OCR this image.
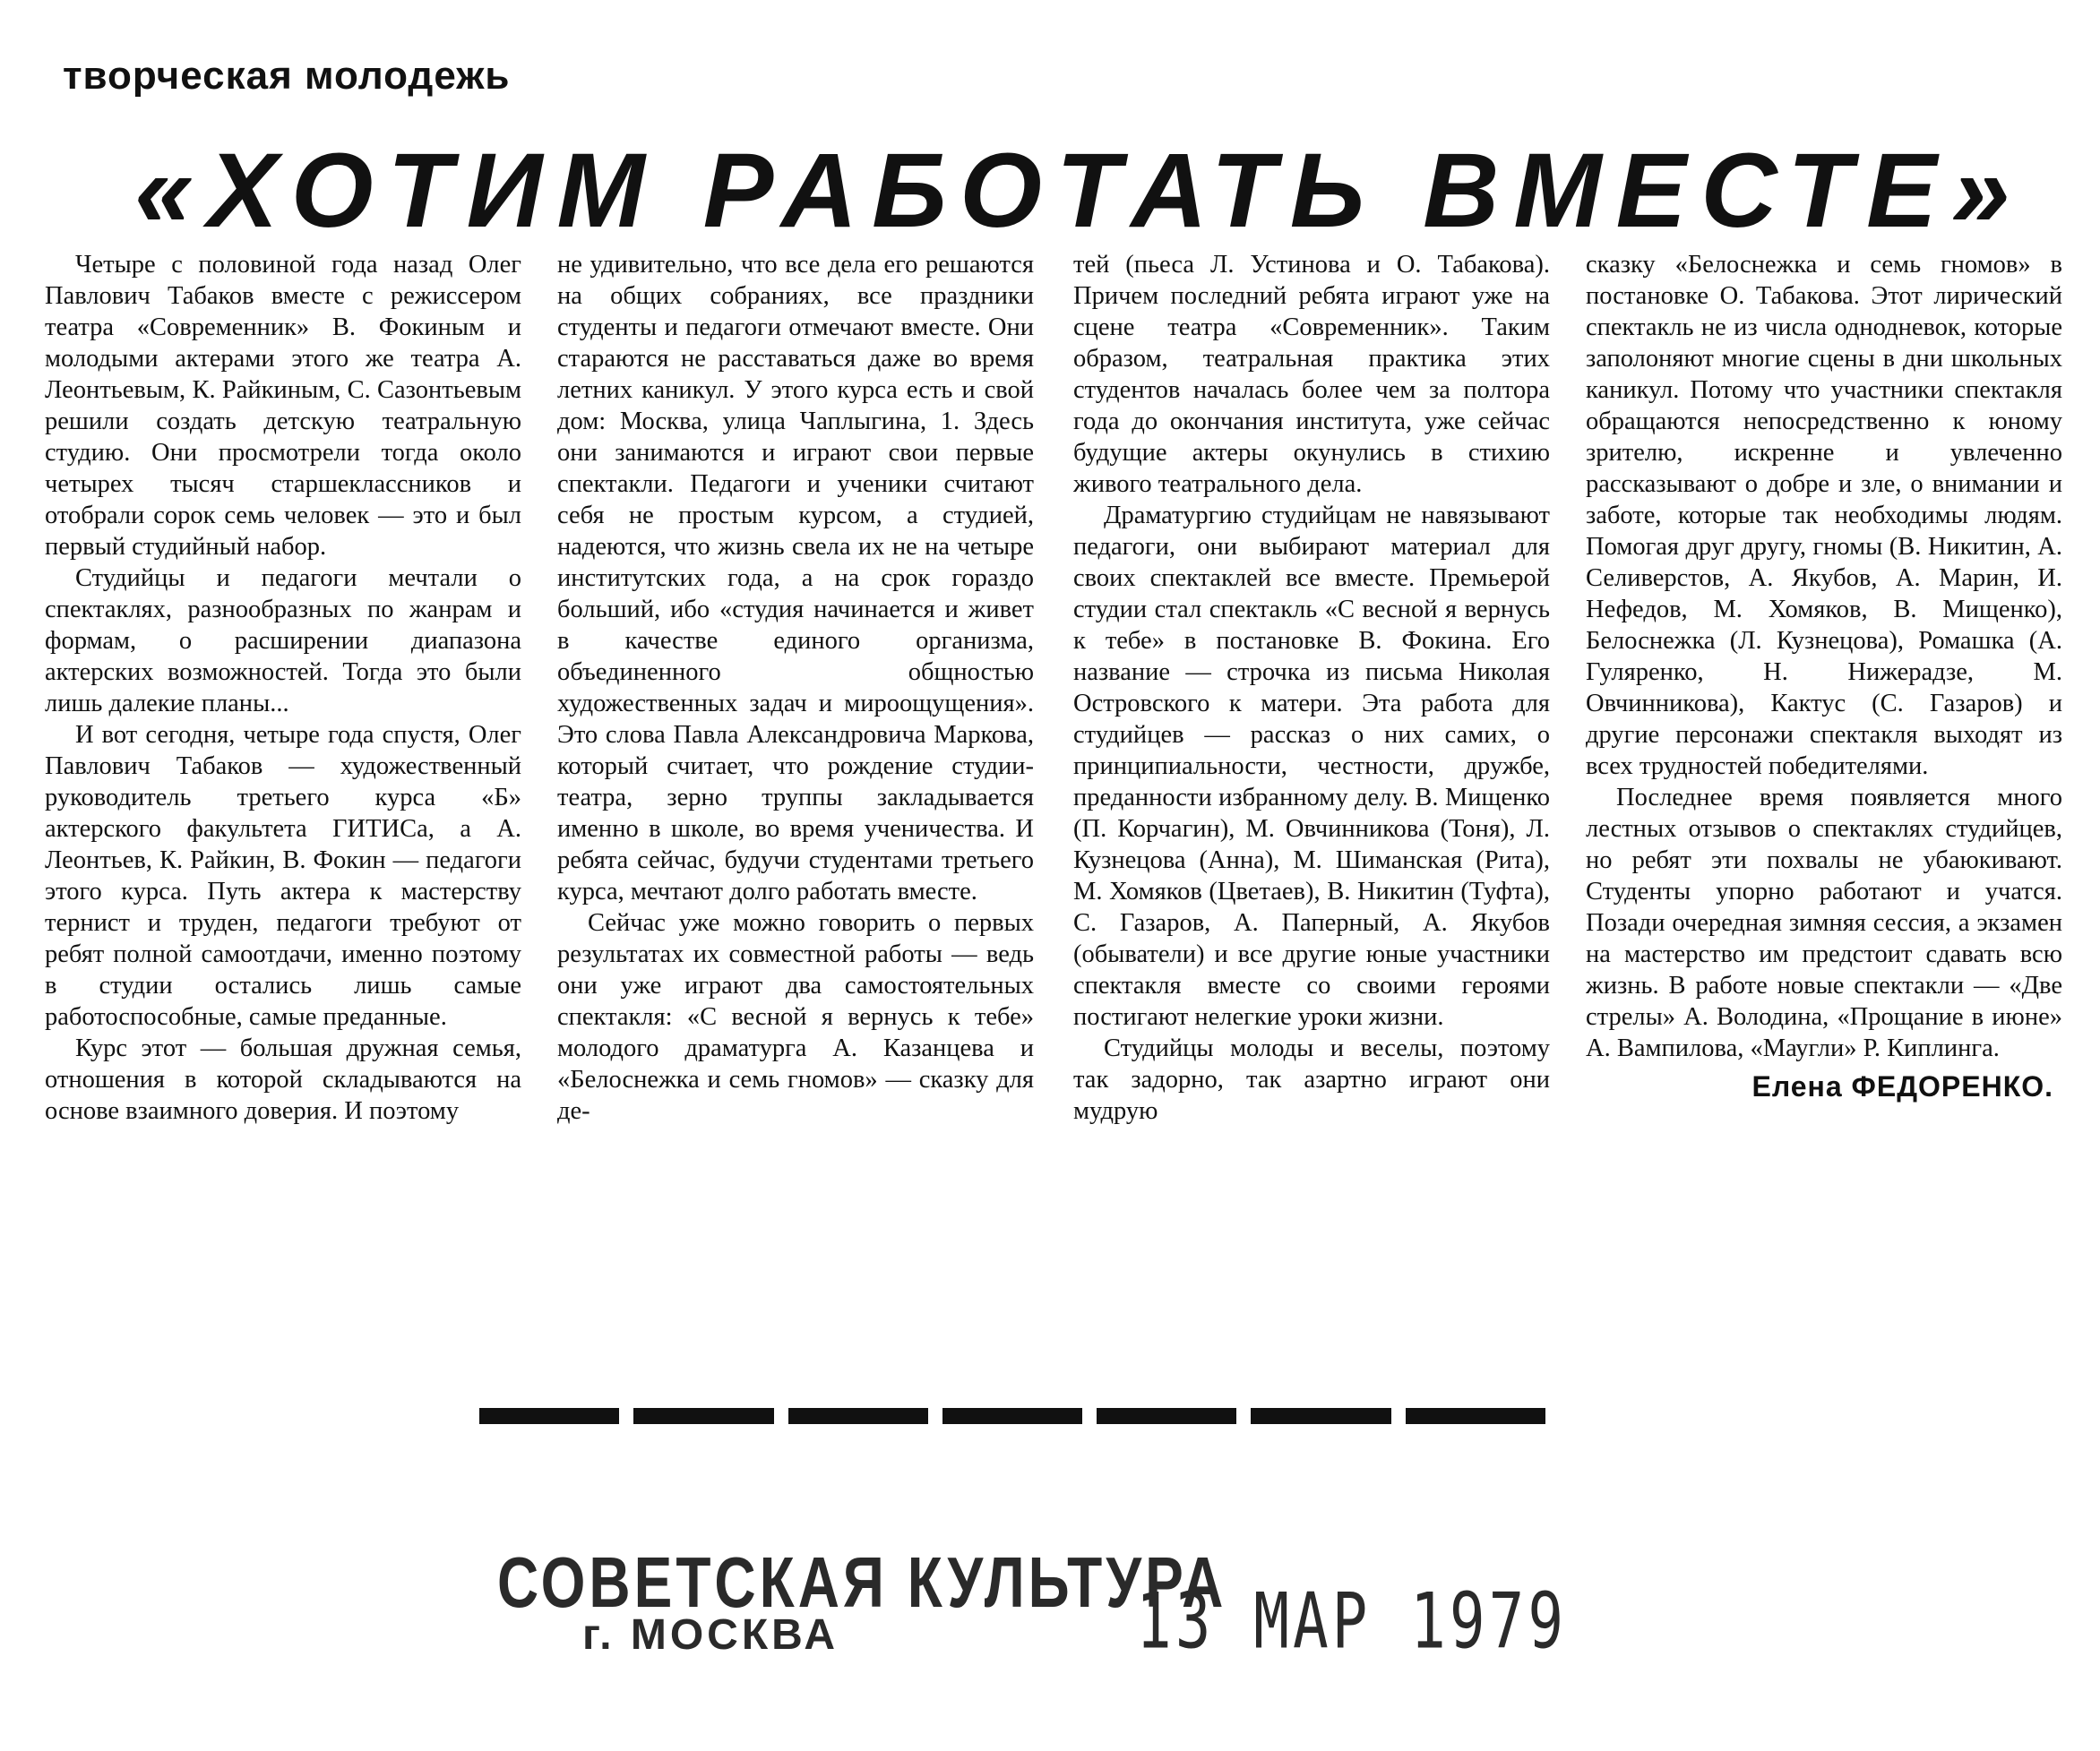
творческая молодежь
«ХОТИМ РАБОТАТЬ ВМЕСТЕ»

Четыре с половиной года назад Олег Павлович Табаков вместе с режиссером театра «Современник» В. Фокиным и молодыми актерами этого же театра А. Леонтьевым, К. Райкиным, С. Сазонтьевым решили создать детскую театральную студию. Они просмотрели тогда около четырех тысяч старшеклассников и отобрали сорок семь человек — это и был первый студийный набор.

Студийцы и педагоги мечтали о спектаклях, разнообразных по жанрам и формам, о расширении диапазона актерских возможностей. Тогда это были лишь далекие планы...

И вот сегодня, четыре года спустя, Олег Павлович Табаков — художественный руководитель третьего курса «Б» актерского факультета ГИТИСа, а А. Леонтьев, К. Райкин, В. Фокин — педагоги этого курса. Путь актера к мастерству тернист и труден, педагоги требуют от ребят полной самоотдачи, именно поэтому в студии остались лишь самые работоспособные, самые преданные.

Курс этот — большая дружная семья, отношения в которой складываются на основе взаимного доверия. И поэтому

не удивительно, что все дела его решаются на общих собраниях, все праздники студенты и педагоги отмечают вместе. Они стараются не расставаться даже во время летних каникул. У этого курса есть и свой дом: Москва, улица Чаплыгина, 1. Здесь они занимаются и играют свои первые спектакли. Педагоги и ученики считают себя не простым курсом, а студией, надеются, что жизнь свела их не на четыре институтских года, а на срок гораздо больший, ибо «студия начинается и живет в качестве единого организма, объединенного общностью художественных задач и мироощущения». Это слова Павла Александровича Маркова, который считает, что рождение студии-театра, зерно труппы закладывается именно в школе, во время ученичества. И ребята сейчас, будучи студентами третьего курса, мечтают долго работать вместе.

Сейчас уже можно говорить о первых результатах их совместной работы — ведь они уже играют два самостоятельных спектакля: «С весной я вернусь к тебе» молодого драматурга А. Казанцева и «Белоснежка и семь гномов» — сказку для де-

тей (пьеса Л. Устинова и О. Табакова). Причем последний ребята играют уже на сцене театра «Современник». Таким образом, театральная практика этих студентов началась более чем за полтора года до окончания института, уже сейчас будущие актеры окунулись в стихию живого театрального дела.

Драматургию студийцам не навязывают педагоги, они выбирают материал для своих спектаклей все вместе. Премьерой студии стал спектакль «С весной я вернусь к тебе» в постановке В. Фокина. Его название — строчка из письма Николая Островского к матери. Эта работа для студийцев — рассказ о них самих, о принципиальности, честности, дружбе, преданности избранному делу. В. Мищенко (П. Корчагин), М. Овчинникова (Тоня), Л. Кузнецова (Анна), М. Шиманская (Рита), М. Хомяков (Цветаев), В. Никитин (Туфта), С. Газаров, А. Паперный, А. Якубов (обыватели) и все другие юные участники спектакля вместе со своими героями постигают нелегкие уроки жизни.

Студийцы молоды и веселы, поэтому так задорно, так азартно играют они мудрую

сказку «Белоснежка и семь гномов» в постановке О. Табакова. Этот лирический спектакль не из числа однодневок, которые заполоняют многие сцены в дни школьных каникул. Потому что участники спектакля обращаются непосредственно к юному зрителю, искренне и увлеченно рассказывают о добре и зле, о внимании и заботе, которые так необходимы людям. Помогая друг другу, гномы (В. Никитин, А. Селиверстов, А. Якубов, А. Марин, И. Нефедов, М. Хомяков, В. Мищенко), Белоснежка (Л. Кузнецова), Ромашка (А. Гуляренко, Н. Нижерадзе, М. Овчинникова), Кактус (С. Газаров) и другие персонажи спектакля выходят из всех трудностей победителями.

Последнее время появляется много лестных отзывов о спектаклях студийцев, но ребят эти похвалы не убаюкивают. Студенты упорно работают и учатся. Позади очередная зимняя сессия, а экзамен на мастерство им предстоит сдавать всю жизнь. В работе новые спектакли — «Две стрелы» А. Володина, «Прощание в июне» А. Вампилова, «Маугли» Р. Киплинга.

Елена ФЕДОРЕНКО.
СОВЕТСКАЯ КУЛЬТУРА
г. МОСКВА	13 МАР 1979
